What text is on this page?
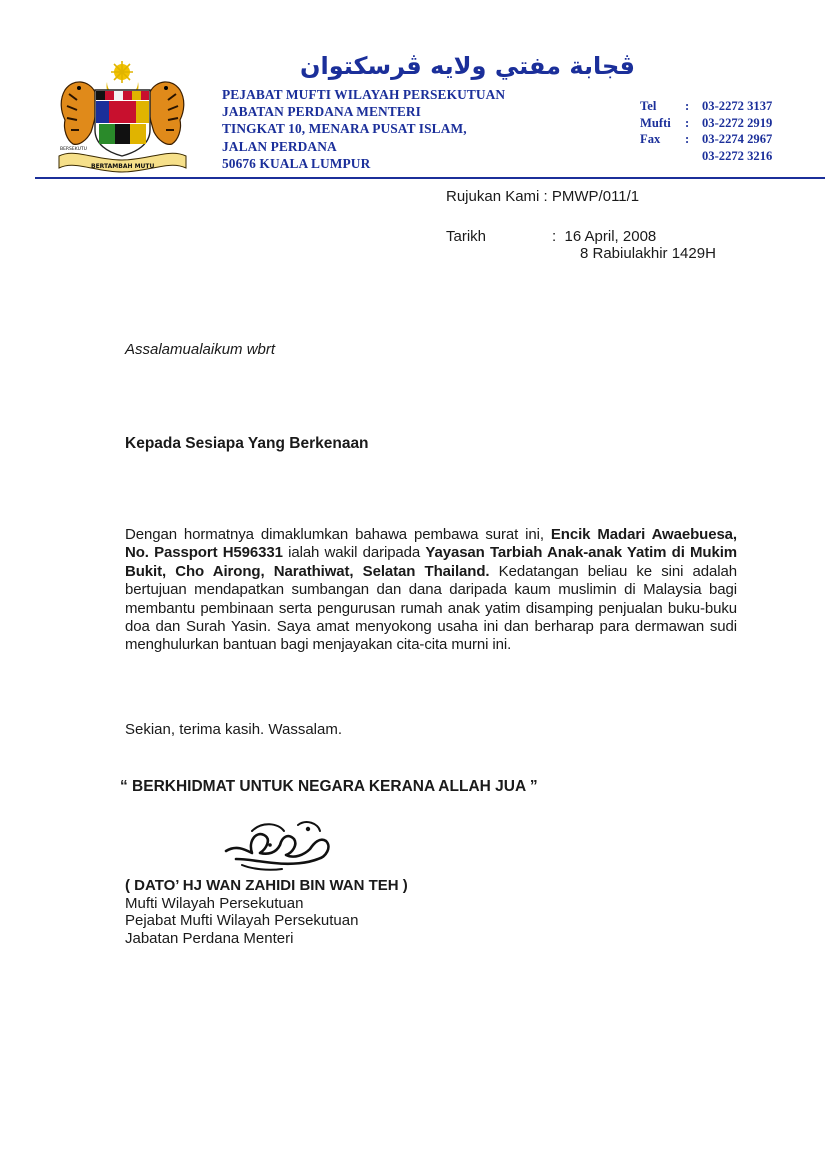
BERTAMBAH MUTU
BERSEKUTU
ڤجابة مفتي ولايه ڤرسكتوان
PEJABAT MUFTI WILAYAH PERSEKUTUAN
JABATAN PERDANA MENTERI
TINGKAT 10, MENARA PUSAT ISLAM,
JALAN PERDANA
50676 KUALA LUMPUR
Tel	:	03-2272 3137
Mufti	:	03-2272 2919
Fax	:	03-2274 2967
03-2272 3216
Rujukan Kami : PMWP/011/1
Tarikh	: 16 April, 2008
8 Rabiulakhir 1429H
Assalamualaikum wbrt
Kepada Sesiapa Yang Berkenaan
Dengan hormatnya dimaklumkan bahawa pembawa surat ini, Encik Madari Awaebuesa, No. Passport H596331 ialah wakil daripada Yayasan Tarbiah Anak-anak Yatim di Mukim Bukit, Cho Airong, Narathiwat, Selatan Thailand. Kedatangan beliau ke sini adalah bertujuan mendapatkan sumbangan dan dana daripada kaum muslimin di Malaysia bagi membantu pembinaan serta pengurusan rumah anak yatim disamping penjualan buku-buku doa dan Surah Yasin. Saya amat menyokong usaha ini dan berharap para dermawan sudi menghulurkan bantuan bagi menjayakan cita-cita murni ini.
Sekian, terima kasih. Wassalam.
“ BERKHIDMAT UNTUK NEGARA KERANA ALLAH JUA ”
( DATO’ HJ WAN ZAHIDI BIN WAN TEH )
Mufti Wilayah Persekutuan
Pejabat Mufti Wilayah Persekutuan
Jabatan Perdana Menteri
